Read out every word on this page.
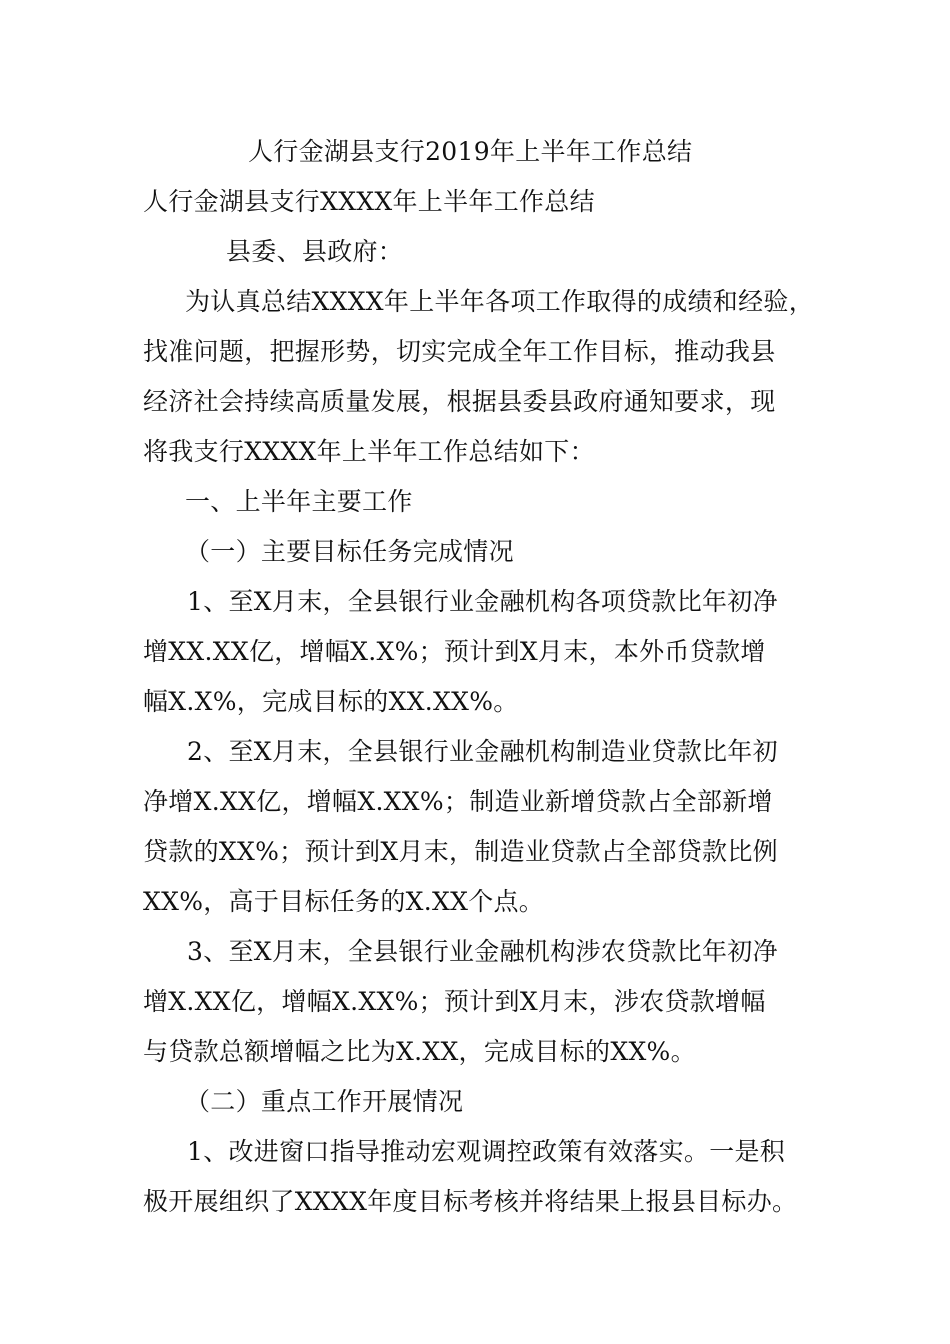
人行金湖县支行2019年上半年工作总结
人行金湖县支行XXXX年上半年工作总结
县委、县政府：
为认真总结XXXX年上半年各项工作取得的成绩和经验，
找准问题，把握形势，切实完成全年工作目标，推动我县
经济社会持续高质量发展，根据县委县政府通知要求，现
将我支行XXXX年上半年工作总结如下：
一、上半年主要工作
（一）主要目标任务完成情况
1、至X月末，全县银行业金融机构各项贷款比年初净
增XX.XX亿，增幅X.X%；预计到X月末，本外币贷款增
幅X.X%，完成目标的XX.XX%。
2、至X月末，全县银行业金融机构制造业贷款比年初
净增X.XX亿，增幅X.XX%；制造业新增贷款占全部新增
贷款的XX%；预计到X月末，制造业贷款占全部贷款比例
XX%，高于目标任务的X.XX个点。
3、至X月末，全县银行业金融机构涉农贷款比年初净
增X.XX亿，增幅X.XX%；预计到X月末，涉农贷款增幅
与贷款总额增幅之比为X.XX，完成目标的XX%。
（二）重点工作开展情况
1、改进窗口指导推动宏观调控政策有效落实。一是积
极开展组织了XXXX年度目标考核并将结果上报县目标办。
